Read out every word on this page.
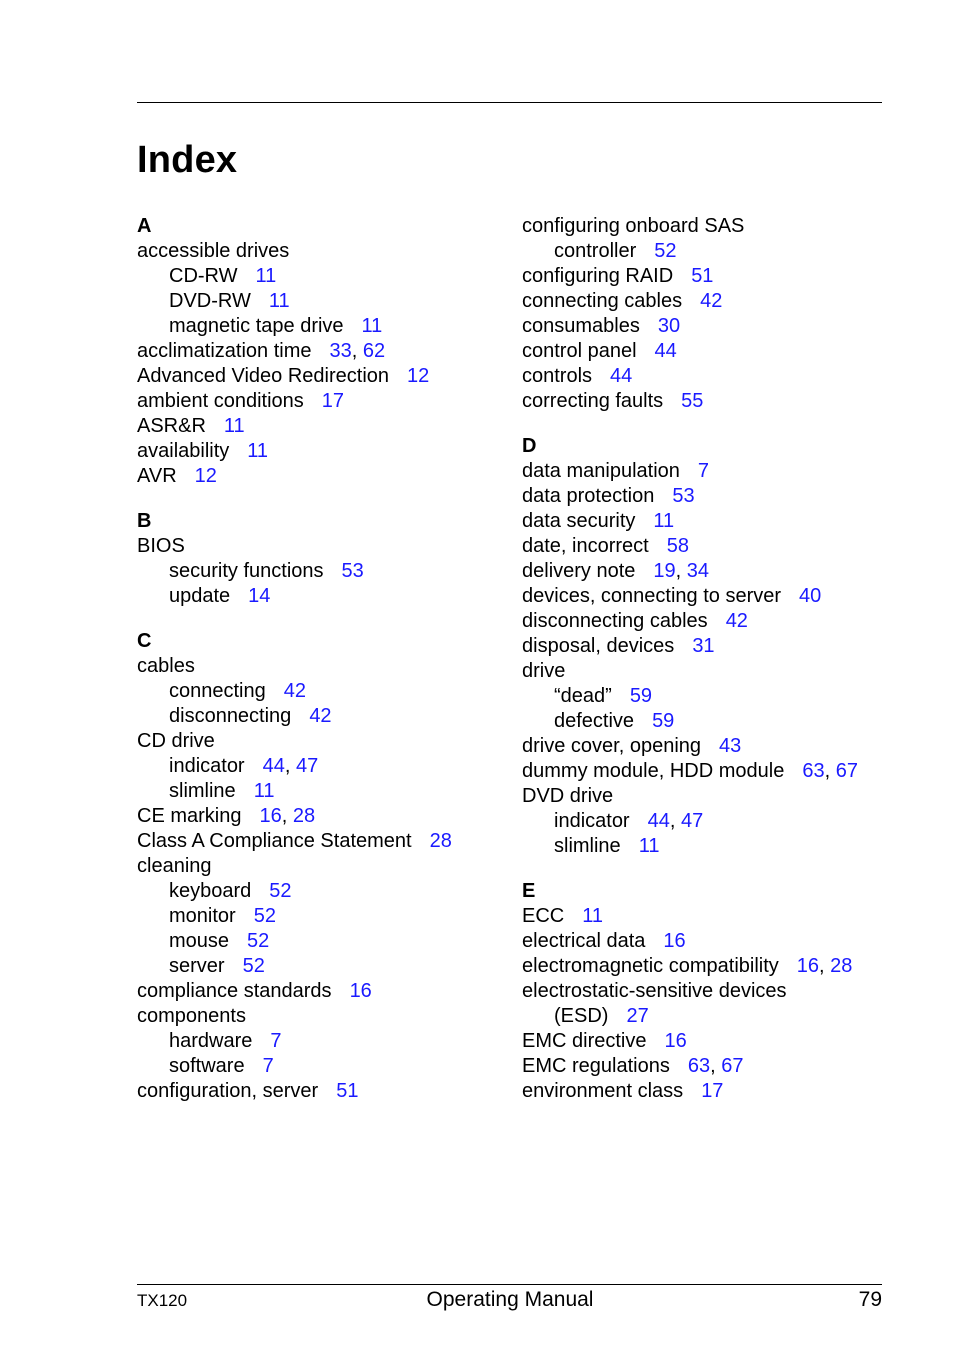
Index
A
accessible drives
CD-RW 11
DVD-RW 11
magnetic tape drive 11
acclimatization time 33, 62
Advanced Video Redirection 12
ambient conditions 17
ASR&R 11
availability 11
AVR 12
B
BIOS
security functions 53
update 14
C
cables
connecting 42
disconnecting 42
CD drive
indicator 44, 47
slimline 11
CE marking 16, 28
Class A Compliance Statement 28
cleaning
keyboard 52
monitor 52
mouse 52
server 52
compliance standards 16
components
hardware 7
software 7
configuration, server 51
configuring onboard SAS
controller 52
configuring RAID 51
connecting cables 42
consumables 30
control panel 44
controls 44
correcting faults 55
D
data manipulation 7
data protection 53
data security 11
date, incorrect 58
delivery note 19, 34
devices, connecting to server 40
disconnecting cables 42
disposal, devices 31
drive
“dead” 59
defective 59
drive cover, opening 43
dummy module, HDD module 63, 67
DVD drive
indicator 44, 47
slimline 11
E
ECC 11
electrical data 16
electromagnetic compatibility 16, 28
electrostatic-sensitive devices
(ESD) 27
EMC directive 16
EMC regulations 63, 67
environment class 17
TX120	Operating Manual	79
